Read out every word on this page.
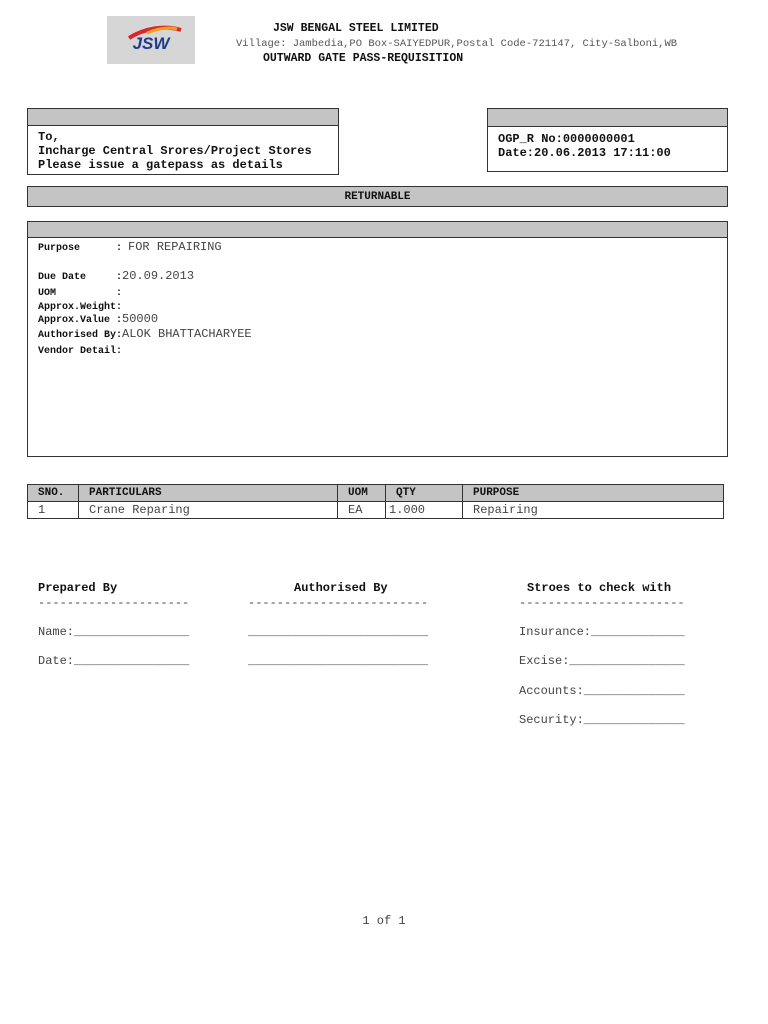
JSW
JSW BENGAL STEEL LIMITED
Village: Jambedia,PO Box-SAIYEDPUR,Postal Code-721147, City-Salboni,WB
OUTWARD GATE PASS-REQUISITION
To,
Incharge Central Srores/Project Stores
Please issue a gatepass as details
OGP_R No:0000000001
Date:20.06.2013 17:11:00
RETURNABLE
Purpose      : FOR REPAIRING
Due Date     :20.09.2013
UOM          :
Approx.Weight:
Approx.Value :50000
Authorised By:ALOK BHATTACHARYEE
Vendor Detail:
SNO.	PARTICULARS	UOM	QTY	PURPOSE
1	Crane Reparing	EA	1.000	Repairing
Prepared By	Authorised By	Stroes to check with
---------------------	-------------------------	-----------------------
Name:________________	_________________________	Insurance:_____________
Date:________________	_________________________	Excise:________________
Accounts:______________
Security:______________
1 of 1
